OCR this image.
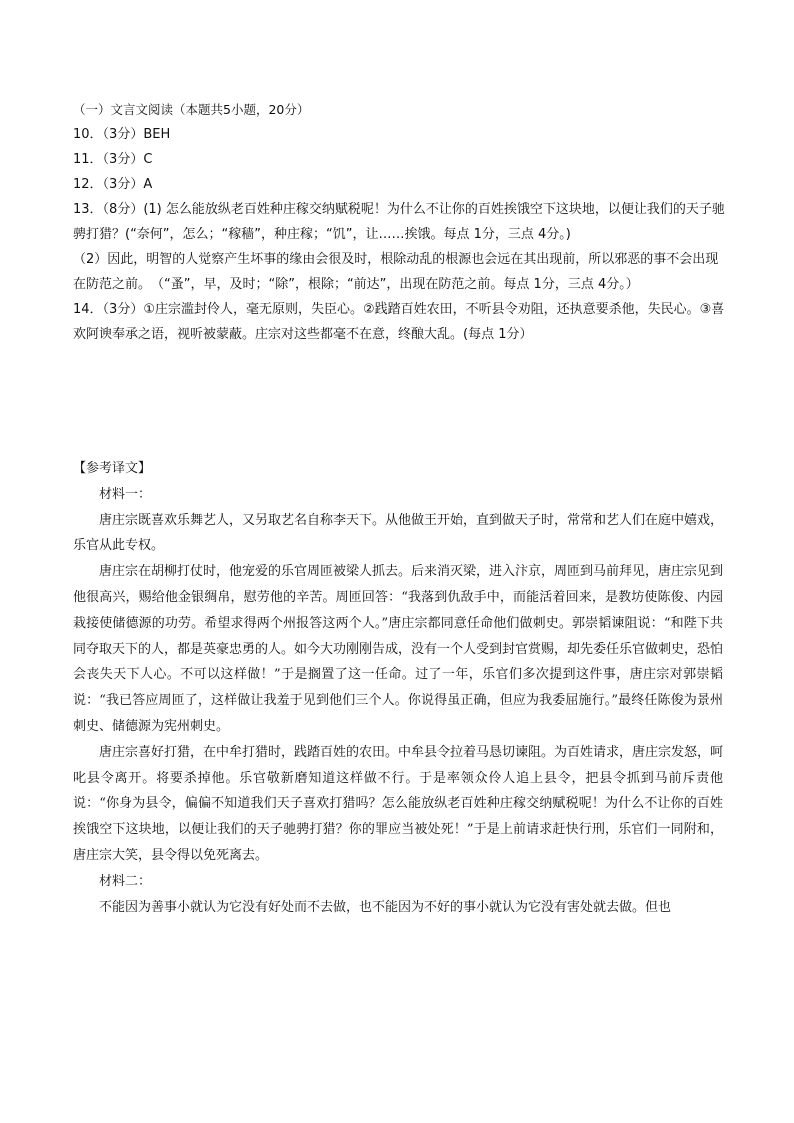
（一）文言文阅读（本题共5小题，20分）
10．（3分）BEH
11．（3分）C
12．（3分）A
13．（8分）(1) 怎么能放纵老百姓种庄稼交纳赋税呢！为什么不让你的百姓挨饿空下这块地，以便让我们的天子驰骋打猎？(“奈何”，怎么；“稼穑”，种庄稼；“饥”，让……挨饿。每点 1分，三点 4分。)
（2）因此，明智的人觉察产生坏事的缘由会很及时，根除动乱的根源也会远在其出现前，所以邪恶的事不会出现在防范之前。　（“蚤”，早，及时；“除”，根除；“前达”，出现在防范之前。每点 1分，三点 4分。）
14．（3分）①庄宗滥封伶人，毫无原则，失臣心。②践踏百姓农田，不听县令劝阻，还执意要杀他，失民心。③喜欢阿谀奉承之语，视听被蒙蔽。庄宗对这些都毫不在意，终酿大乱。(每点 1分）
【参考译文】
材料一：

唐庄宗既喜欢乐舞艺人，又另取艺名自称李天下。从他做王开始，直到做天子时，常常和艺人们在庭中嬉戏，乐官从此专权。

唐庄宗在胡柳打仗时，他宠爱的乐官周匝被梁人抓去。后来消灭梁，进入汴京，周匝到马前拜见，唐庄宗见到他很高兴，赐给他金银绸帛，慰劳他的辛苦。周匝回答：“我落到仇敌手中，而能活着回来，是教坊使陈俊、内园栽接使储德源的功劳。希望求得两个州报答这两个人。”唐庄宗都同意任命他们做刺史。郭崇韬谏阻说：“和陛下共同夺取天下的人，都是英豪忠勇的人。如今大功刚刚告成，没有一个人受到封官赏赐，却先委任乐官做刺史，恐怕会丧失天下人心。不可以这样做！”于是搁置了这一任命。过了一年，乐官们多次提到这件事，唐庄宗对郭崇韬说：“我已答应周匝了，这样做让我羞于见到他们三个人。你说得虽正确，但应为我委屈施行。”最终任陈俊为景州刺史、储德源为宪州刺史。

唐庄宗喜好打猎，在中牟打猎时，践踏百姓的农田。中牟县令拉着马恳切谏阻。为百姓请求，唐庄宗发怒，呵叱县令离开。将要杀掉他。乐官敬新磨知道这样做不行。于是率领众伶人追上县令，把县令抓到马前斥责他说：“你身为县令，偏偏不知道我们天子喜欢打猎吗？怎么能放纵老百姓种庄稼交纳赋税呢！为什么不让你的百姓挨饿空下这块地，以便让我们的天子驰骋打猎？你的罪应当被处死！”于是上前请求赶快行刑，乐官们一同附和，唐庄宗大笑，县令得以免死离去。

材料二：

不能因为善事小就认为它没有好处而不去做，也不能因为不好的事小就认为它没有害处就去做。但也
